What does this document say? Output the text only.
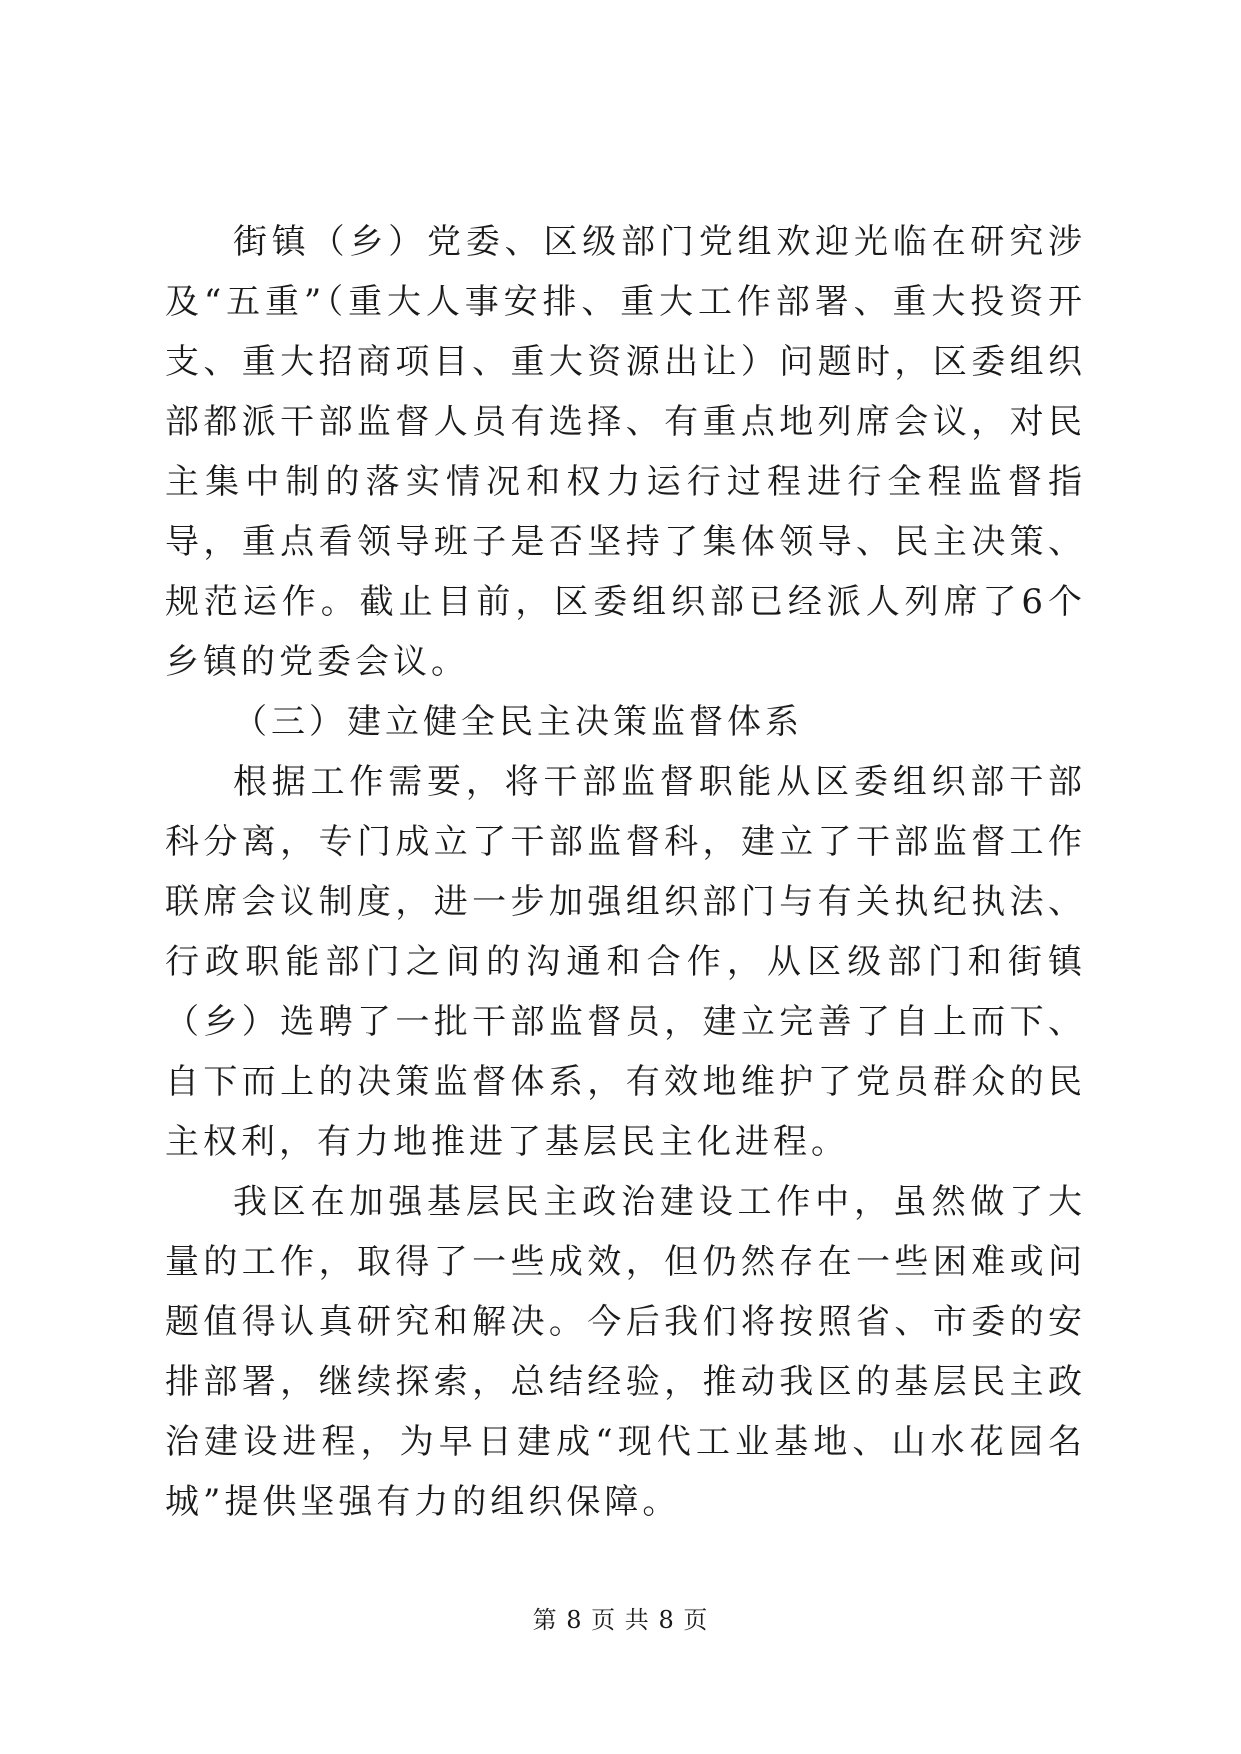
街镇（乡）党委、区级部门党组欢迎光临在研究涉及“五重”（重大人事安排、重大工作部署、重大投资开支、重大招商项目、重大资源出让）问题时，区委组织部都派干部监督人员有选择、有重点地列席会议，对民主集中制的落实情况和权力运行过程进行全程监督指导，重点看领导班子是否坚持了集体领导、民主决策、规范运作。截止目前，区委组织部已经派人列席了6个乡镇的党委会议。

（三）建立健全民主决策监督体系

根据工作需要，将干部监督职能从区委组织部干部科分离，专门成立了干部监督科，建立了干部监督工作联席会议制度，进一步加强组织部门与有关执纪执法、行政职能部门之间的沟通和合作，从区级部门和街镇（乡）选聘了一批干部监督员，建立完善了自上而下、自下而上的决策监督体系，有效地维护了党员群众的民主权利，有力地推进了基层民主化进程。

我区在加强基层民主政治建设工作中，虽然做了大量的工作，取得了一些成效，但仍然存在一些困难或问题值得认真研究和解决。今后我们将按照省、市委的安排部署，继续探索，总结经验，推动我区的基层民主政治建设进程，为早日建成“现代工业基地、山水花园名城”提供坚强有力的组织保障。

第 8 页 共 8 页
